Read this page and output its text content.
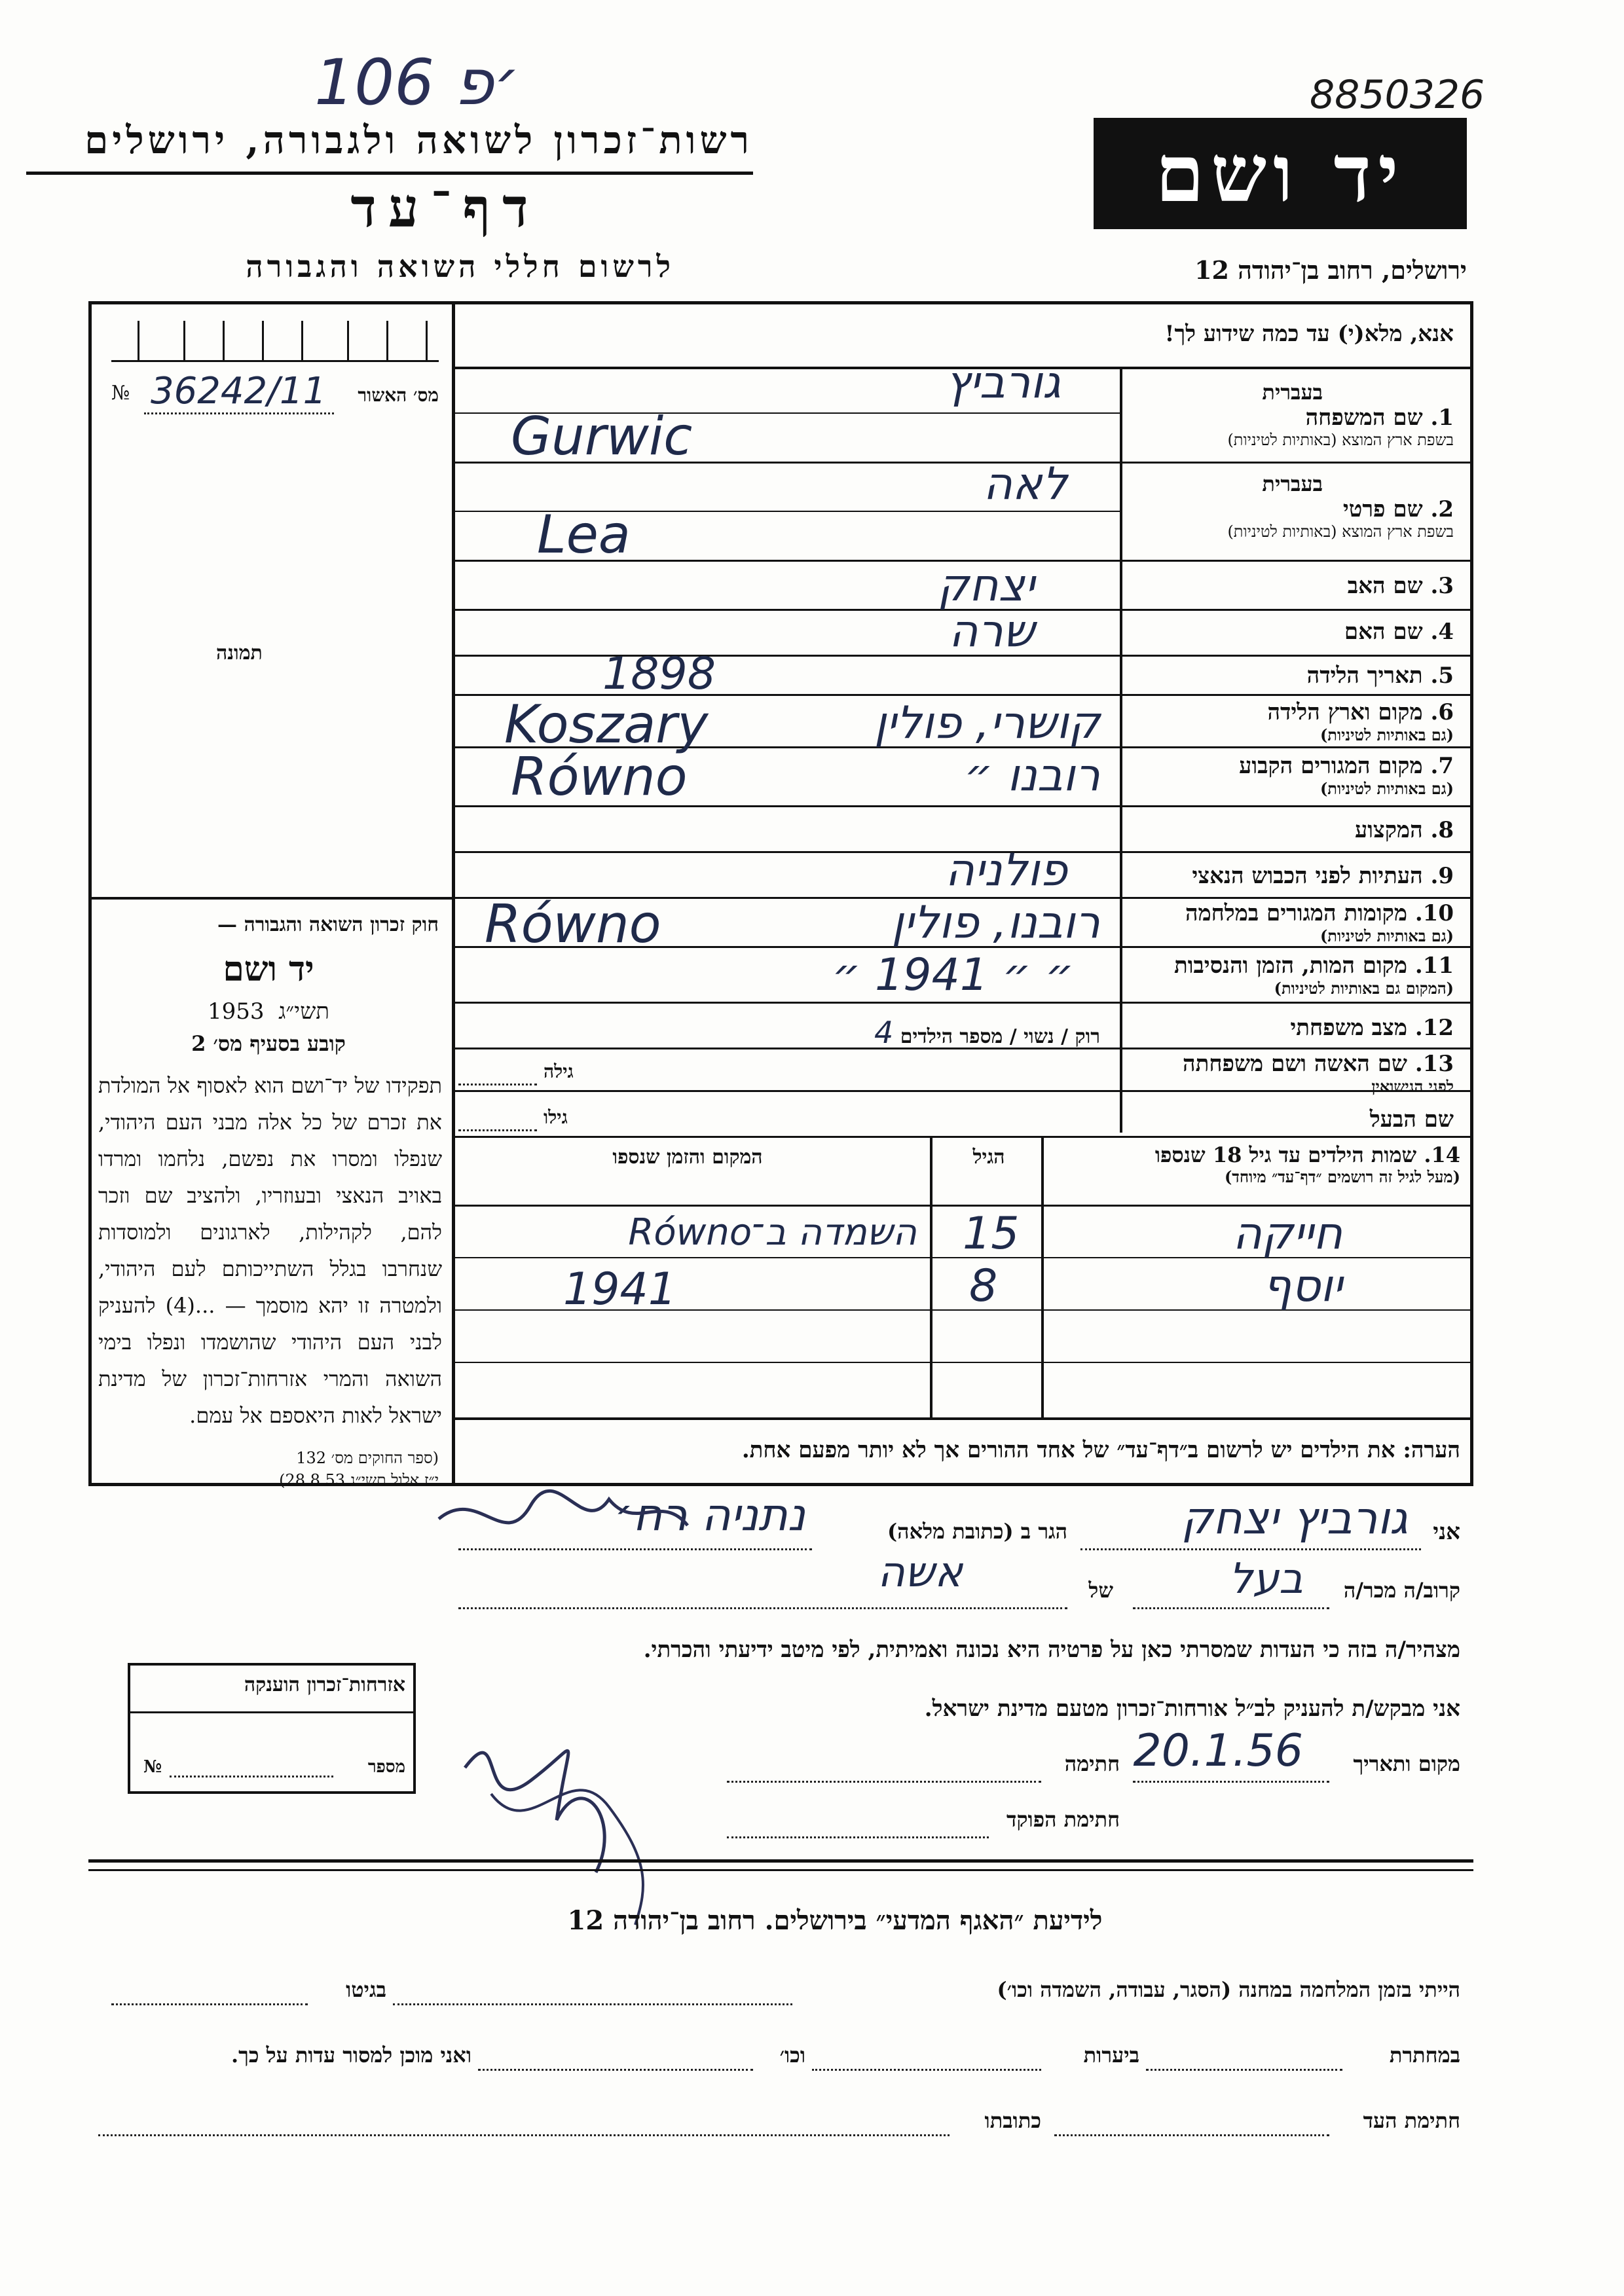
106 ׳פ	8850326
רשות־זכרון לשואה ולגבורה, ירושלים
דף־עד
לרשום חללי השואה והגבורה
יד ושם
ירושלים, רחוב בן־יהודה 12
אנא, מלא(י) עד כמה שידוע לך!
№ 36242/11 מס׳ האשור
תמונה
חוק זכרון השואה והגבורה —
יד ושם
תשי״ג  1953
קובע בסעיף מס׳ 2
תפקידו של יד־ושם הוא לאסוף אל המולדת את זכרם של כל אלה מבני העם היהודי, שנפלו ומסרו את נפשם, נלחמו ומרדו באויב הנאצי ובעוזריו, ולהציב שם וזכר להם, לקהילות, לארגונים ולמוסדות שנחרבו בגלל השתייכותם לעם היהודי, ולמטרה זו יהא מוסמך — ...(4) להעניק לבני העם היהודי שהושמדו ונפלו בימי השואה והמרי אזרחות־זכרון של מדינת ישראל לאות היאספם אל עמם.
(ספר החוקים מס׳ 132
י״ז אלול תשי״ג 28.8.53)
בעברית
1. שם המשפחה
בשפת ארץ המוצא (באותיות לטיניות)
גורביץ
Gurwic
בעברית
2. שם פרטי
בשפת ארץ המוצא (באותיות לטיניות)
לאה
Lea
3. שם האב
יצחק
4. שם האם
שרה
5. תאריך הלידה
1898
6. מקום וארץ הלידה
(גם באותיות לטיניות)
קושרי, פולין
Koszary
7. מקום המגורים הקבוע
(גם באותיות לטיניות)
רובנו ״
Równo
8. המקצוע
9. העתיות לפני הכבוש הנאצי
פולניה
10. מקומות המגורים במלחמה
(גם באותיות לטיניות)
רובנו, פולין
Równo
11. מקום המות, הזמן והנסיבות
(המקום גם באותיות לטיניות)
״ ״ 1941 ״
12. מצב משפחתי
רוק / נשוי / מספר הילדים 4
13. שם האשה ושם משפחתה
לפני הנישואין
גילה
שם הבעל
גילו
14. שמות הילדים עד גיל 18 שנספו
(מעל לגיל זה רושמים ״דף־עד״ מיוחד)
הגיל
המקום והזמן שנספו
חייקה
15
השמדה ב־Równo
יוסף
8
1941
הערה: את הילדים יש לרשום ב״דף־עד״ של אחד ההורים אך לא יותר מפעם אחת.
אני
גורביץ יצחק
הגר ב (כתובת מלאה)
נתניה רח׳
קרוב/ה מכר/ה
בעל
של
אשה
מצהיר/ה בזה כי העדות שמסרתי כאן על פרטיה היא נכונה ואמיתית, לפי מיטב ידיעתי והכרתי.
אני מבקש/ת להעניק לב״ל אורחות־זכרון מטעם מדינת ישראל.
מקום ותאריך
20.1.56
חתימה
חתימת הפוקד
אזרחות־זכרון הוענקה
№	מספר
לידיעת ״האגף המדעי״ בירושלים. רחוב בן־יהודה 12
הייתי בזמן המלחמה במחנה (הסגר, עבודה, השמדה וכו׳)
בגיטו
במחתרת
ביערות
וכו׳
ואני מוכן למסור עדות על כך.
חתימת העד
כתובתו
